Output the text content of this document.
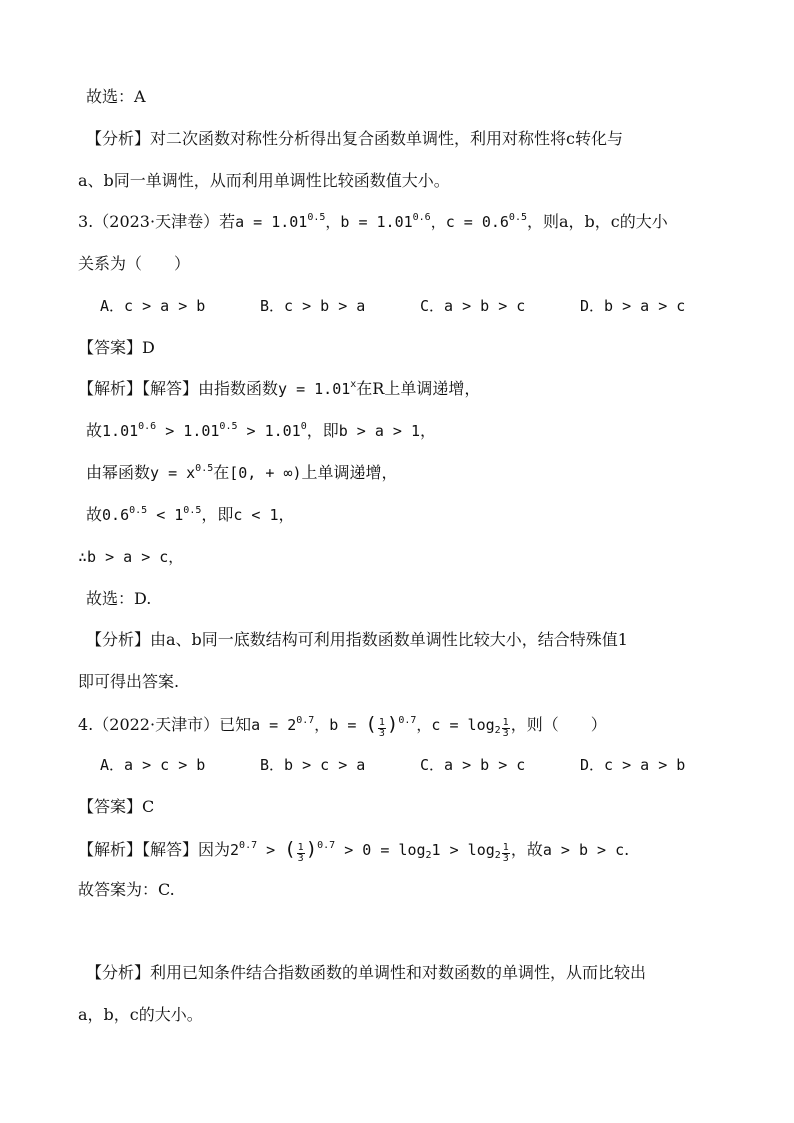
故选：A
【分析】对二次函数对称性分析得出复合函数单调性，利用对称性将c转化与
a、b同一单调性，从而利用单调性比较函数值大小。
3.（2023·天津卷）若$a = 1.01^{0.5}$，$b = 1.01^{0.6}$，$c = 0.6^{0.5}$，则a，b，c的大小
关系为（　　）
A．c > a > b	B．c > b > a	C．a > b > c	D．b > a > c
【答案】D
【解析】【解答】由指数函数$y = 1.01^x$在R上单调递增，
故$1.01^{0.6} > 1.01^{0.5} > 1.01^0$，即b > a > 1，
由幂函数$y = x^{0.5}$在[0, + ∞)上单调递增，
故$0.6^{0.5} < 1^{0.5}$，即c < 1，
∴b > a > c，
故选：D.
【分析】由a、b同一底数结构可利用指数函数单调性比较大小，结合特殊值1
即可得出答案.
4.（2022·天津市）已知$a = 2^{0.7}$，b = ( $\frac{1}{3} )^{0.7}$，$c = \log_2 \frac{1}{3}$ ，则（　　）
A．a > c > b	B．b > c > a	C．a > b > c	D．c > a > b
【答案】C
【解析】【解答】因为$2^{0.7}$ > ( $\frac{1}{3} )^{0.7} > 0 = \log_21 > \log_2 \frac{1}{3}$ ，故a > b > c.
故答案为：C.
【分析】利用已知条件结合指数函数的单调性和对数函数的单调性，从而比较出
a，b，c的大小。
